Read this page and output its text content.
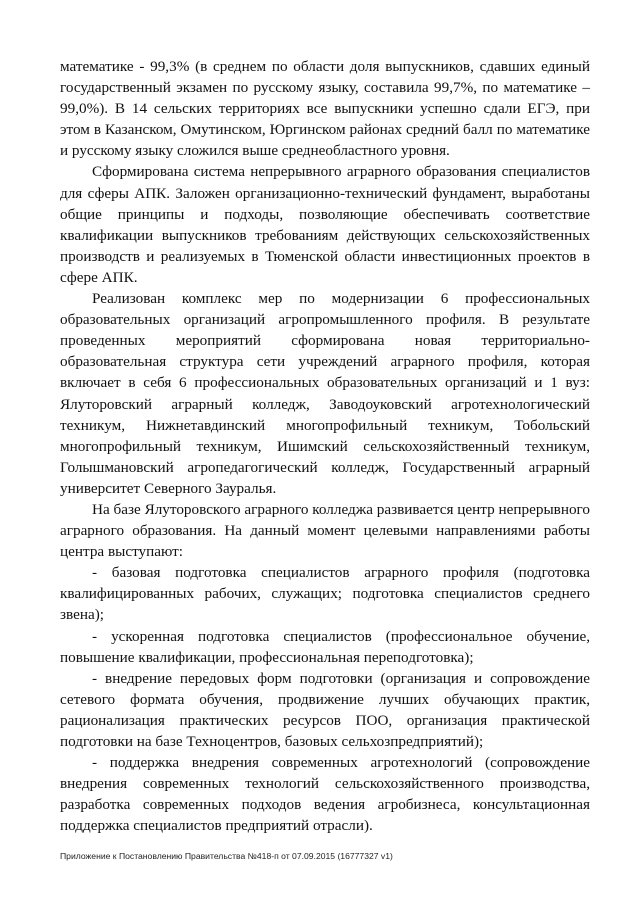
математике - 99,3% (в среднем по области доля выпускников, сдавших единый государственный экзамен по русскому языку, составила 99,7%, по математике – 99,0%). В 14 сельских территориях все выпускники успешно сдали ЕГЭ, при этом в Казанском, Омутинском, Юргинском районах средний балл по математике и русскому языку сложился выше среднеобластного уровня.

Сформирована система непрерывного аграрного образования специалистов для сферы АПК. Заложен организационно-технический фундамент, выработаны общие принципы и подходы, позволяющие обеспечивать соответствие квалификации выпускников требованиям действующих сельскохозяйственных производств и реализуемых в Тюменской области инвестиционных проектов в сфере АПК.

Реализован комплекс мер по модернизации 6 профессиональных образовательных организаций агропромышленного профиля. В результате проведенных мероприятий сформирована новая территориально-образовательная структура сети учреждений аграрного профиля, которая включает в себя 6 профессиональных образовательных организаций и 1 вуз: Ялуторовский аграрный колледж, Заводоуковский агротехнологический техникум, Нижнетавдинский многопрофильный техникум, Тобольский многопрофильный техникум, Ишимский сельскохозяйственный техникум, Голышмановский агропедагогический колледж, Государственный аграрный университет Северного Зауралья.

На базе Ялуторовского аграрного колледжа развивается центр непрерывного аграрного образования. На данный момент целевыми направлениями работы центра выступают:

- базовая подготовка специалистов аграрного профиля (подготовка квалифицированных рабочих, служащих; подготовка специалистов среднего звена);

- ускоренная подготовка специалистов (профессиональное обучение, повышение квалификации, профессиональная переподготовка);

- внедрение передовых форм подготовки (организация и сопровождение сетевого формата обучения, продвижение лучших обучающих практик, рационализация практических ресурсов ПОО, организация практической подготовки на базе Техноцентров, базовых сельхозпредприятий);

- поддержка внедрения современных агротехнологий (сопровождение внедрения современных технологий сельскохозяйственного производства, разработка современных подходов ведения агробизнеса, консультационная поддержка специалистов предприятий отрасли).

Приложение к Постановлению Правительства №418-п от 07.09.2015 (16777327 v1)
